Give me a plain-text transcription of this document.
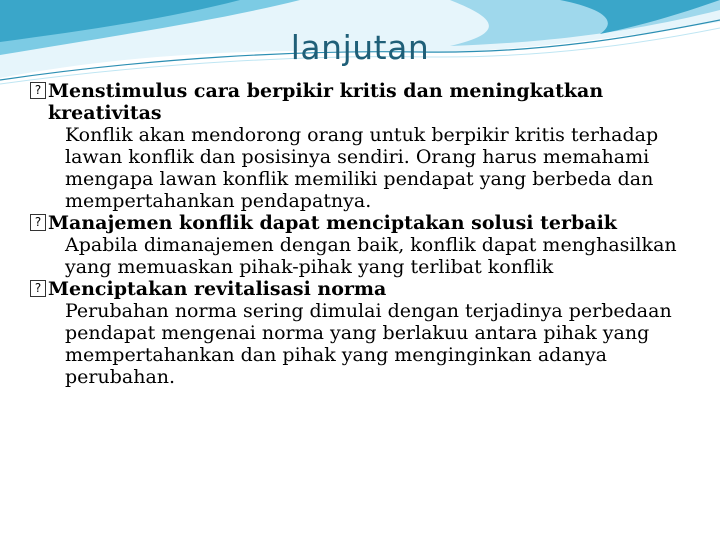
lanjutan
? Menstimulus cara berpikir kritis dan meningkatkan kreativitas
Konflik akan mendorong orang untuk berpikir kritis terhadap lawan konflik dan posisinya sendiri. Orang harus memahami mengapa lawan konflik memiliki pendapat yang berbeda dan mempertahankan pendapatnya.
? Manajemen konflik dapat menciptakan solusi terbaik
Apabila dimanajemen dengan baik, konflik dapat menghasilkan yang memuaskan pihak-pihak yang terlibat konflik
? Menciptakan revitalisasi norma
Perubahan norma sering dimulai dengan terjadinya perbedaan pendapat mengenai norma yang berlakuu antara pihak yang mempertahankan dan pihak yang menginginkan adanya perubahan.
